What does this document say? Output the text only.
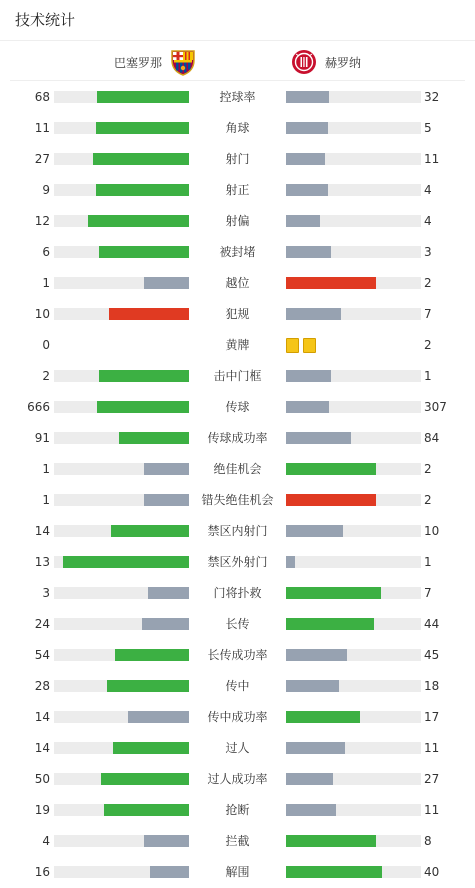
技术统计
巴塞罗那	赫罗纳
68	控球率	32
11	角球	5
27	射门	11
9	射正	4
12	射偏	4
6	被封堵	3
1	越位	2
10	犯规	7
0	黄牌	2
2	击中门框	1
666	传球	307
91	传球成功率	84
1	绝佳机会	2
1	错失绝佳机会	2
14	禁区内射门	10
13	禁区外射门	1
3	门将扑救	7
24	长传	44
54	长传成功率	45
28	传中	18
14	传中成功率	17
14	过人	11
50	过人成功率	27
19	抢断	11
4	拦截	8
16	解围	40
